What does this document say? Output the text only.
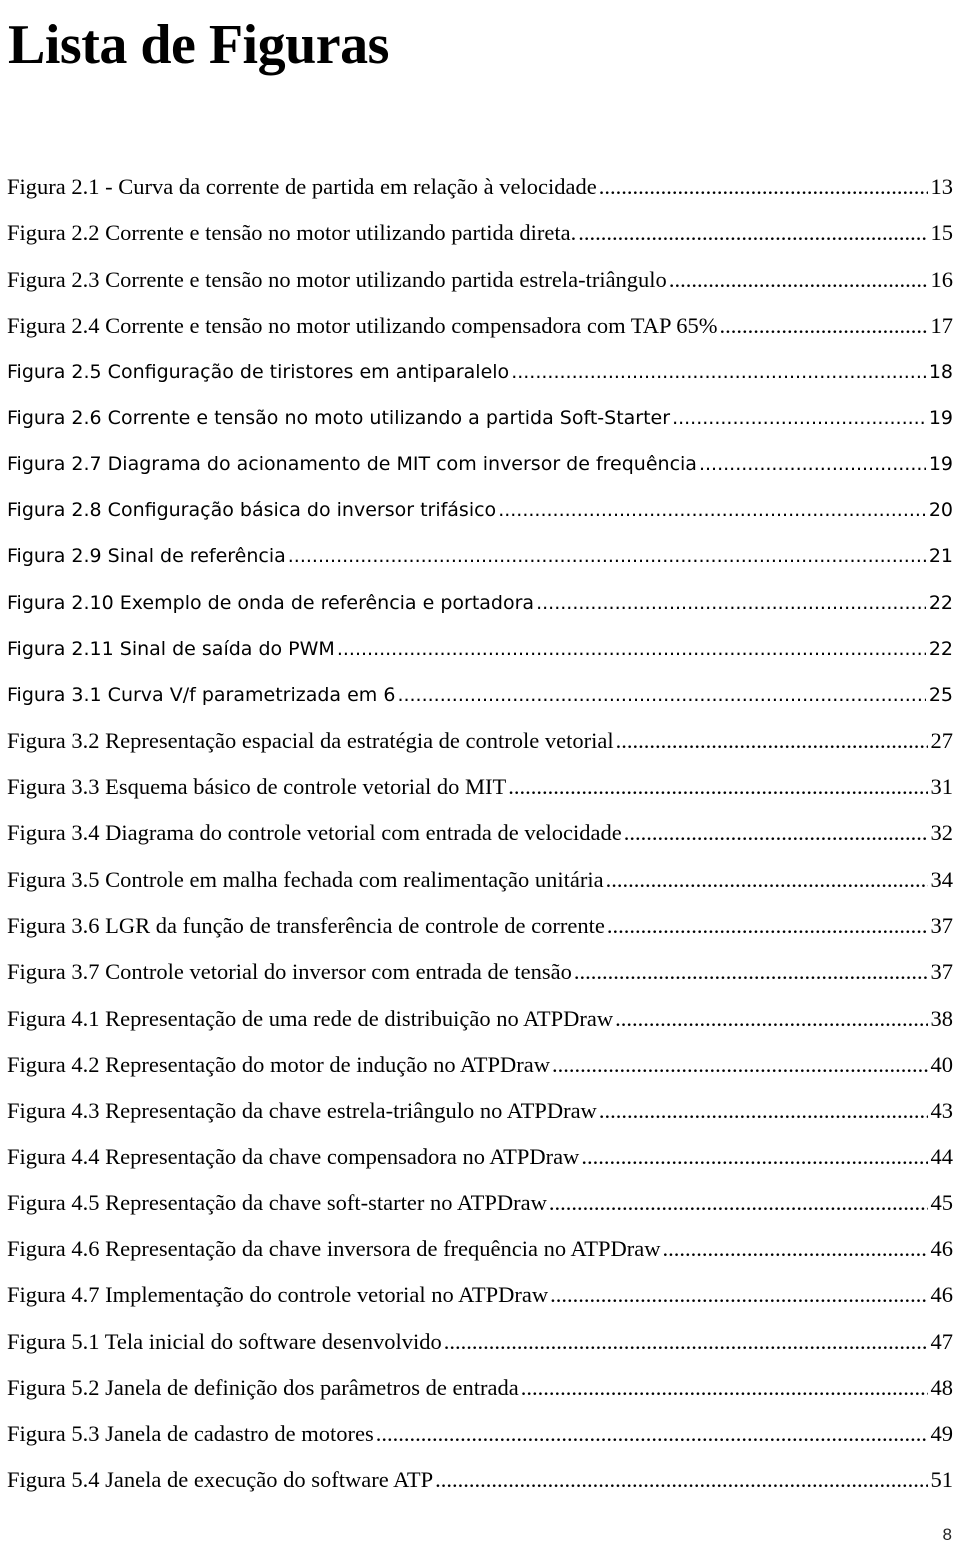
Lista de Figuras
Figura 2.1 - Curva da corrente de partida em relação à velocidade .....	13
Figura 2.2 Corrente e tensão no motor utilizando partida direta. .....	15
Figura 2.3 Corrente e tensão no motor utilizando partida estrela-triângulo .....	16
Figura 2.4 Corrente e tensão no motor utilizando compensadora com TAP 65% .....	17
Figura 2.5 Configuração de tiristores em antiparalelo .....	18
Figura 2.6 Corrente e tensão no moto utilizando a partida Soft-Starter .....	19
Figura 2.7 Diagrama do acionamento de MIT com inversor de frequência .....	19
Figura 2.8 Configuração básica do inversor trifásico .....	20
Figura 2.9 Sinal de referência .....	21
Figura 2.10 Exemplo de onda de referência e portadora .....	22
Figura 2.11 Sinal de saída do PWM .....	22
Figura 3.1 Curva V/f parametrizada em 6 .....	25
Figura 3.2 Representação espacial da estratégia de controle vetorial .....	27
Figura 3.3 Esquema básico de controle vetorial do MIT .....	31
Figura 3.4 Diagrama do controle vetorial com entrada de velocidade .....	32
Figura 3.5 Controle em malha fechada com realimentação unitária .....	34
Figura 3.6 LGR da função de transferência de controle de corrente .....	37
Figura 3.7 Controle vetorial do inversor com entrada de tensão .....	37
Figura 4.1 Representação de uma rede de distribuição no ATPDraw .....	38
Figura 4.2 Representação do motor de indução no ATPDraw .....	40
Figura 4.3 Representação da chave estrela-triângulo no ATPDraw .....	43
Figura 4.4 Representação da chave compensadora no ATPDraw .....	44
Figura 4.5 Representação da chave soft-starter no ATPDraw .....	45
Figura 4.6 Representação da chave inversora de frequência no ATPDraw .....	46
Figura 4.7 Implementação do controle vetorial no ATPDraw .....	46
Figura 5.1 Tela inicial do software desenvolvido .....	47
Figura 5.2 Janela de definição dos parâmetros de entrada .....	48
Figura 5.3 Janela de cadastro de motores .....	49
Figura 5.4 Janela de execução do software ATP .....	51
8
